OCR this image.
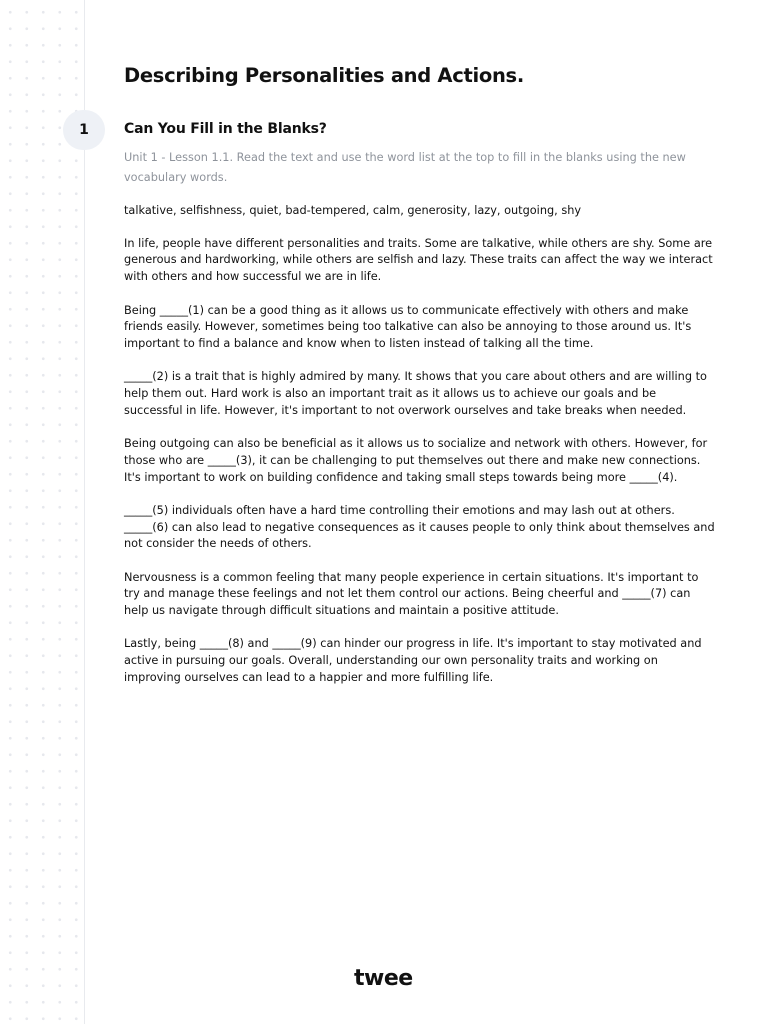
Describing Personalities and Actions.
1	Can You Fill in the Blanks?

Unit 1 - Lesson 1.1. Read the text and use the word list at the top to fill in the blanks using the new vocabulary words.

talkative, selfishness, quiet, bad-tempered, calm, generosity, lazy, outgoing, shy

In life, people have different personalities and traits. Some are talkative, while others are shy. Some are generous and hardworking, while others are selfish and lazy. These traits can affect the way we interact with others and how successful we are in life.

Being _____(1) can be a good thing as it allows us to communicate effectively with others and make friends easily. However, sometimes being too talkative can also be annoying to those around us. It's important to find a balance and know when to listen instead of talking all the time.

_____(2) is a trait that is highly admired by many. It shows that you care about others and are willing to help them out. Hard work is also an important trait as it allows us to achieve our goals and be successful in life. However, it's important to not overwork ourselves and take breaks when needed.

Being outgoing can also be beneficial as it allows us to socialize and network with others. However, for those who are _____(3), it can be challenging to put themselves out there and make new connections. It's important to work on building confidence and taking small steps towards being more _____(4).

_____(5) individuals often have a hard time controlling their emotions and may lash out at others. _____(6) can also lead to negative consequences as it causes people to only think about themselves and not consider the needs of others.

Nervousness is a common feeling that many people experience in certain situations. It's important to try and manage these feelings and not let them control our actions. Being cheerful and _____(7) can help us navigate through difficult situations and maintain a positive attitude.

Lastly, being _____(8) and _____(9) can hinder our progress in life. It's important to stay motivated and active in pursuing our goals. Overall, understanding our own personality traits and working on improving ourselves can lead to a happier and more fulfilling life.

twee
